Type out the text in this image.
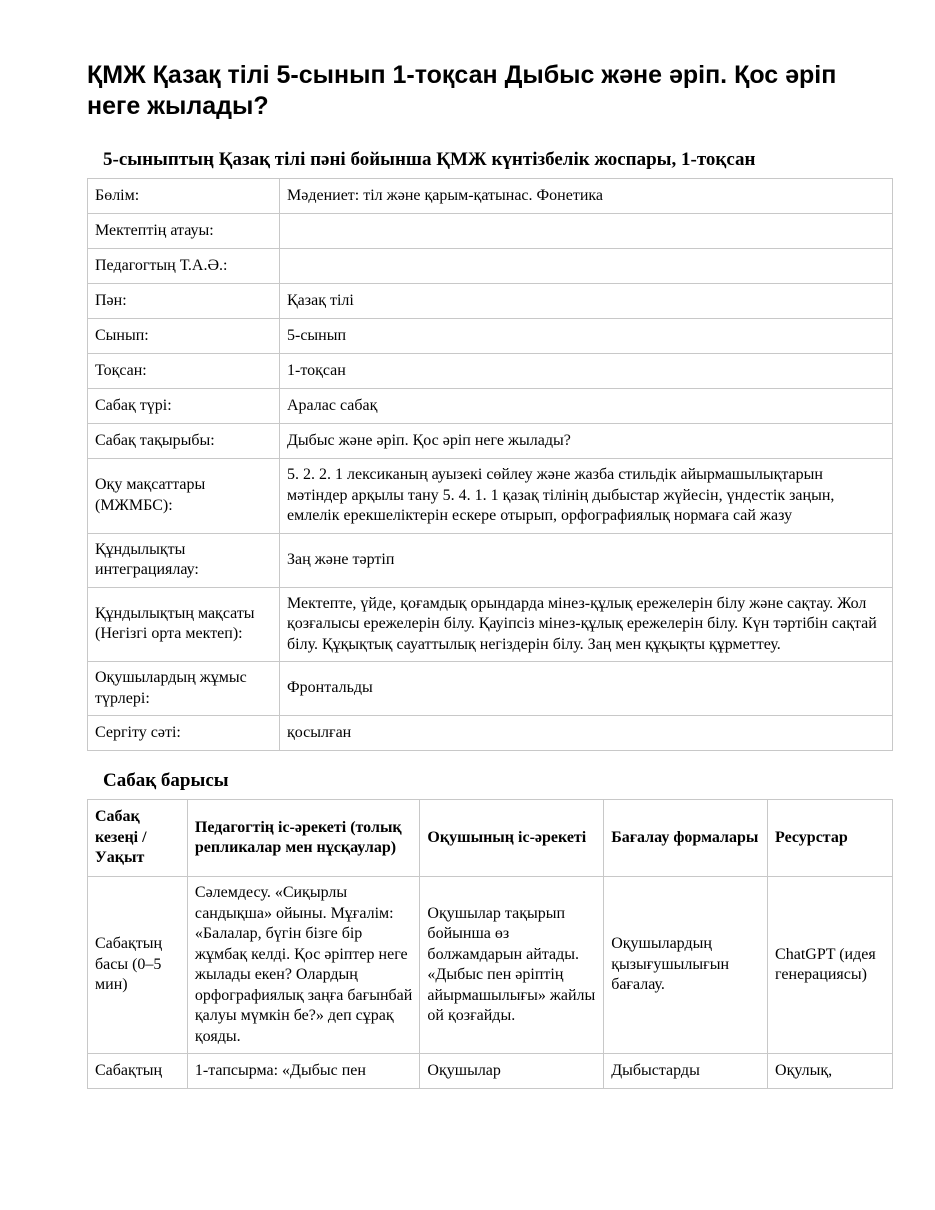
ҚМЖ Қазақ тілі 5-сынып 1-тоқсан Дыбыс және әріп. Қос әріп неге жылады?
5-сыныптың Қазақ тілі пәні бойынша ҚМЖ күнтізбелік жоспары, 1-тоқсан
Бөлім:	Мәдениет: тіл және қарым-қатынас. Фонетика
Мектептің атауы:	
Педагогтың Т.А.Ә.:	
Пән:	Қазақ тілі
Сынып:	5-сынып
Тоқсан:	1-тоқсан
Сабақ түрі:	Аралас сабақ
Сабақ тақырыбы:	Дыбыс және әріп. Қос әріп неге жылады?
Оқу мақсаттары (МЖМБС):	5. 2. 2. 1 лексиканың ауызекі сөйлеу және жазба стильдік айырмашылықтарын мәтіндер арқылы тану 5. 4. 1. 1 қазақ тілінің дыбыстар жүйесін, үндестік заңын, емлелік ерекшеліктерін ескере отырып, орфографиялық нормаға сай жазу
Құндылықты интеграциялау:	Заң және тәртіп
Құндылықтың мақсаты (Негізгі орта мектеп):	Мектепте, үйде, қоғамдық орындарда мінез-құлық ережелерін білу және сақтау. Жол қозғалысы ережелерін білу. Қауіпсіз мінез-құлық ережелерін білу. Күн тәртібін сақтай білу. Құқықтық сауаттылық негіздерін білу. Заң мен құқықты құрметтеу.
Оқушылардың жұмыс түрлері:	Фронтальды
Сергіту сәті:	қосылған
Сабақ барысы
Сабақ кезеңі / Уақыт	Педагогтің іс-әрекеті (толық репликалар мен нұсқаулар)	Оқушының іс-әрекеті	Бағалау формалары	Ресурстар
Сабақтың басы (0–5 мин)	Сәлемдесу. «Сиқырлы сандықша» ойыны. Мұғалім: «Балалар, бүгін бізге бір жұмбақ келді. Қос әріптер неге жылады екен? Олардың орфографиялық заңға бағынбай қалуы мүмкін бе?» деп сұрақ қояды.	Оқушылар тақырып бойынша өз болжамдарын айтады. «Дыбыс пен әріптің айырмашылығы» жайлы ой қозғайды.	Оқушылардың қызығушылығын бағалау.	ChatGPT (идея генерациясы)
Сабақтың	1-тапсырма: «Дыбыс пен	Оқушылар	Дыбыстарды	Оқулық,
